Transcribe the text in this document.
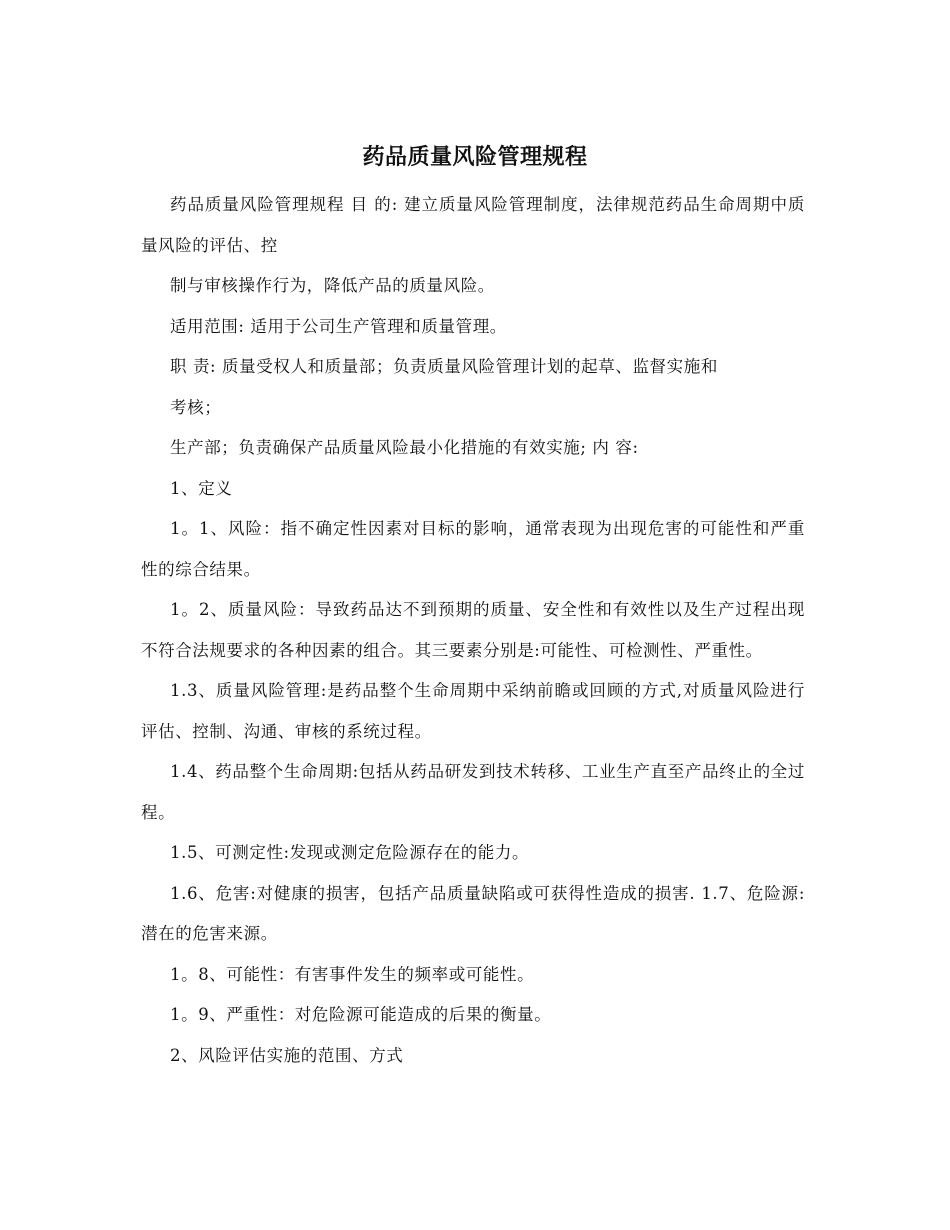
药品质量风险管理规程

药品质量风险管理规程 目 的: 建立质量风险管理制度，法律规范药品生命周期中质量风险的评估、控

制与审核操作行为，降低产品的质量风险。

适用范围: 适用于公司生产管理和质量管理。

职 责: 质量受权人和质量部；负责质量风险管理计划的起草、监督实施和

考核；

生产部；负责确保产品质量风险最小化措施的有效实施; 内 容:

1、定义

1。1、风险：指不确定性因素对目标的影响，通常表现为出现危害的可能性和严重性的综合结果。

1。2、质量风险：导致药品达不到预期的质量、安全性和有效性以及生产过程出现不符合法规要求的各种因素的组合。其三要素分别是:可能性、可检测性、严重性。

1.3、质量风险管理:是药品整个生命周期中采纳前瞻或回顾的方式,对质量风险进行评估、控制、沟通、审核的系统过程。

1.4、药品整个生命周期:包括从药品研发到技术转移、工业生产直至产品终止的全过程。

1.5、可测定性:发现或测定危险源存在的能力。

1.6、危害:对健康的损害，包括产品质量缺陷或可获得性造成的损害. 1.7、危险源:潜在的危害来源。

1。8、可能性：有害事件发生的频率或可能性。

1。9、严重性：对危险源可能造成的后果的衡量。

2、风险评估实施的范围、方式
